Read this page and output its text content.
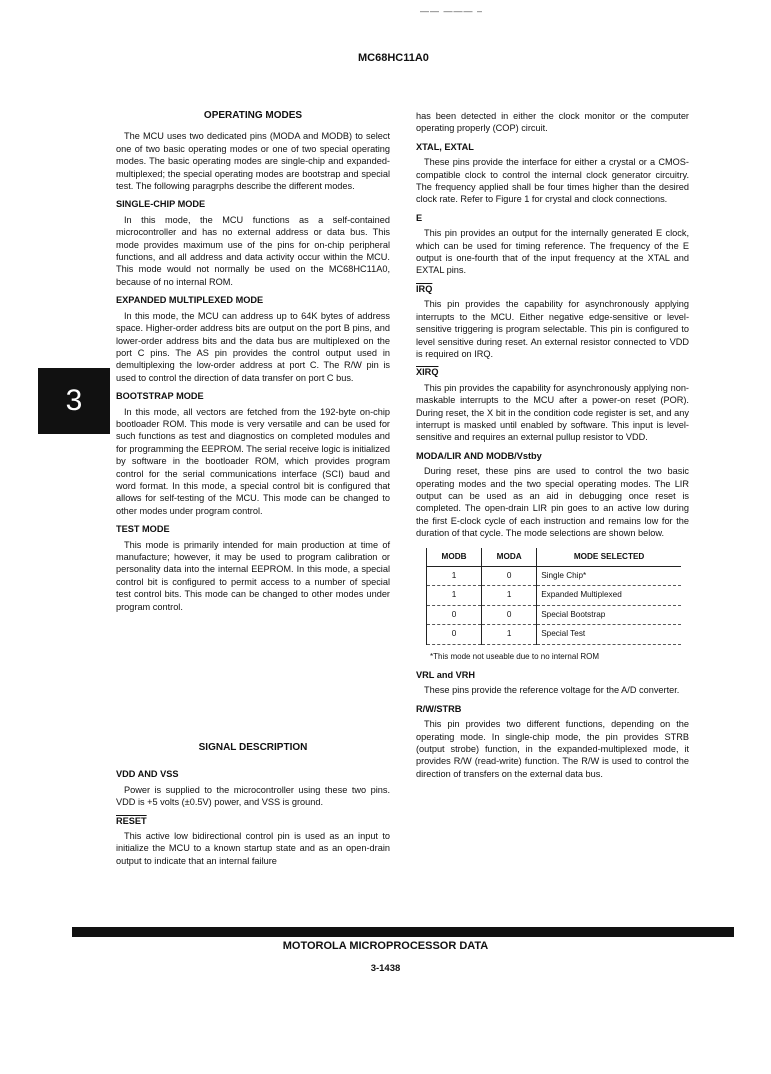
—— ——— –
MC68HC11A0
3
OPERATING MODES
The MCU uses two dedicated pins (MODA and MODB) to select one of two basic operating modes or one of two special operating modes. The basic operating modes are single-chip and expanded-multiplexed; the special operating modes are bootstrap and special test. The following paragrphs describe the different modes.
SINGLE-CHIP MODE
In this mode, the MCU functions as a self-contained microcontroller and has no external address or data bus. This mode provides maximum use of the pins for on-chip peripheral functions, and all address and data activity occur within the MCU. This mode would not normally be used on the MC68HC11A0, because of no internal ROM.
EXPANDED MULTIPLEXED MODE
In this mode, the MCU can address up to 64K bytes of address space. Higher-order address bits are output on the port B pins, and lower-order address bits and the data bus are multiplexed on the port C pins. The AS pin provides the control output used in demultiplexing the low-order address at port C. The R/W pin is used to control the direction of data transfer on port C bus.
BOOTSTRAP MODE
In this mode, all vectors are fetched from the 192-byte on-chip bootloader ROM. This mode is very versatile and can be used for such functions as test and diagnostics on completed modules and for programming the EEPROM. The serial receive logic is initialized by software in the bootloader ROM, which provides program control for the serial communications interface (SCI) baud and word format. In this mode, a special control bit is configured that allows for self-testing of the MCU. This mode can be changed to other modes under program control.
TEST MODE
This mode is primarily intended for main production at time of manufacture; however, it may be used to program calibration or personality data into the internal EEPROM. In this mode, a special control bit is configured to permit access to a number of special test control bits. This mode can be changed to other modes under program control.
SIGNAL DESCRIPTION
VDD AND VSS
Power is supplied to the microcontroller using these two pins. VDD is +5 volts (±0.5V) power, and VSS is ground.
RESET
This active low bidirectional control pin is used as an input to initialize the MCU to a known startup state and as an open-drain output to indicate that an internal failure
has been detected in either the clock monitor or the computer operating properly (COP) circuit.
XTAL, EXTAL
These pins provide the interface for either a crystal or a CMOS-compatible clock to control the internal clock generator circuitry. The frequency applied shall be four times higher than the desired clock rate. Refer to Figure 1 for crystal and clock connections.
E
This pin provides an output for the internally generated E clock, which can be used for timing reference. The frequency of the E output is one-fourth that of the input frequency at the XTAL and EXTAL pins.
$\overline{IRQ}$
This pin provides the capability for asynchronously applying interrupts to the MCU. Either negative edge-sensitive or level-sensitive triggering is program selectable. This pin is configured to level sensitive during reset. An external resistor connected to VDD is required on IRQ.
XIRQ
This pin provides the capability for asynchronously applying non-maskable interrupts to the MCU after a power-on reset (POR). During reset, the X bit in the condition code register is set, and any interrupt is masked until enabled by software. This input is level-sensitive and requires an external pullup resistor to VDD.
MODA/LIR AND MODB/Vstby
During reset, these pins are used to control the two basic operating modes and the two special operating modes. The LIR output can be used as an aid in debugging once reset is completed. The open-drain LIR pin goes to an active low during the first E-clock cycle of each instruction and remains low for the duration of that cycle. The mode selections are shown below.
MODB	MODA	MODE SELECTED
1	0	Single Chip*
1	1	Expanded Multiplexed
0	0	Special Bootstrap
0	1	Special Test
*This mode not useable due to no internal ROM
VRL and VRH
These pins provide the reference voltage for the A/D converter.
R/W/STRB
This pin provides two different functions, depending on the operating mode. In single-chip mode, the pin provides STRB (output strobe) function, in the expanded-multiplexed mode, it provides R/W (read-write) function. The R/W is used to control the direction of transfers on the external data bus.
MOTOROLA MICROPROCESSOR DATA
3-1438
